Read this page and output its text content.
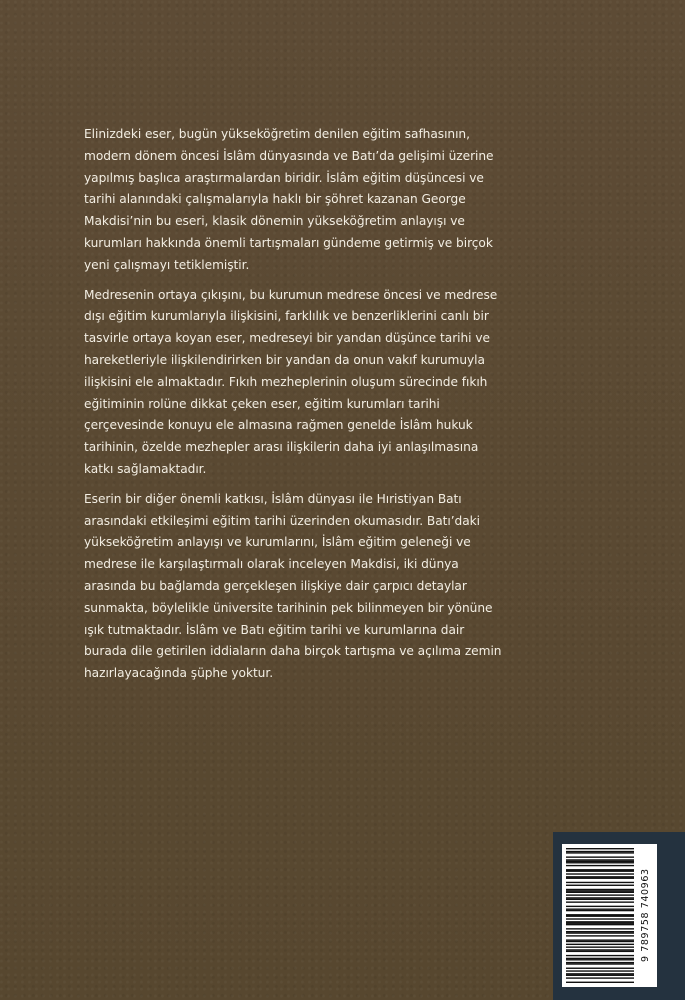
Elinizdeki eser, bugün yükseköğretim denilen eğitim safhasının, modern dönem öncesi İslâm dünyasında ve Batı’da gelişimi üzerine yapılmış başlıca araştırmalardan biridir. İslâm eğitim düşüncesi ve tarihi alanındaki çalışmalarıyla haklı bir şöhret kazanan George Makdisi’nin bu eseri, klasik dönemin yükseköğretim anlayışı ve kurumları hakkında önemli tartışmaları gündeme getirmiş ve birçok yeni çalışmayı tetiklemiştir.

Medresenin ortaya çıkışını, bu kurumun medrese öncesi ve medrese dışı eğitim kurumlarıyla ilişkisini, farklılık ve benzerliklerini canlı bir tasvirle ortaya koyan eser, medreseyi bir yandan düşünce tarihi ve hareketleriyle ilişkilendirirken bir yandan da onun vakıf kurumuyla ilişkisini ele almaktadır. Fıkıh mezheplerinin oluşum sürecinde fıkıh eğitiminin rolüne dikkat çeken eser, eğitim kurumları tarihi çerçevesinde konuyu ele almasına rağmen genelde İslâm hukuk tarihinin, özelde mezhepler arası ilişkilerin daha iyi anlaşılmasına katkı sağlamaktadır.

Eserin bir diğer önemli katkısı, İslâm dünyası ile Hıristiyan Batı arasındaki etkileşimi eğitim tarihi üzerinden okumasıdır. Batı’daki yükseköğretim anlayışı ve kurumlarını, İslâm eğitim geleneği ve medrese ile karşılaştırmalı olarak inceleyen Makdisi, iki dünya arasında bu bağlamda gerçekleşen ilişkiye dair çarpıcı detaylar sunmakta, böylelikle üniversite tarihinin pek bilinmeyen bir yönüne ışık tutmaktadır. İslâm ve Batı eğitim tarihi ve kurumlarına dair burada dile getirilen iddiaların daha birçok tartışma ve açılıma zemin hazırlayacağında şüphe yoktur.

9 789758 740963
